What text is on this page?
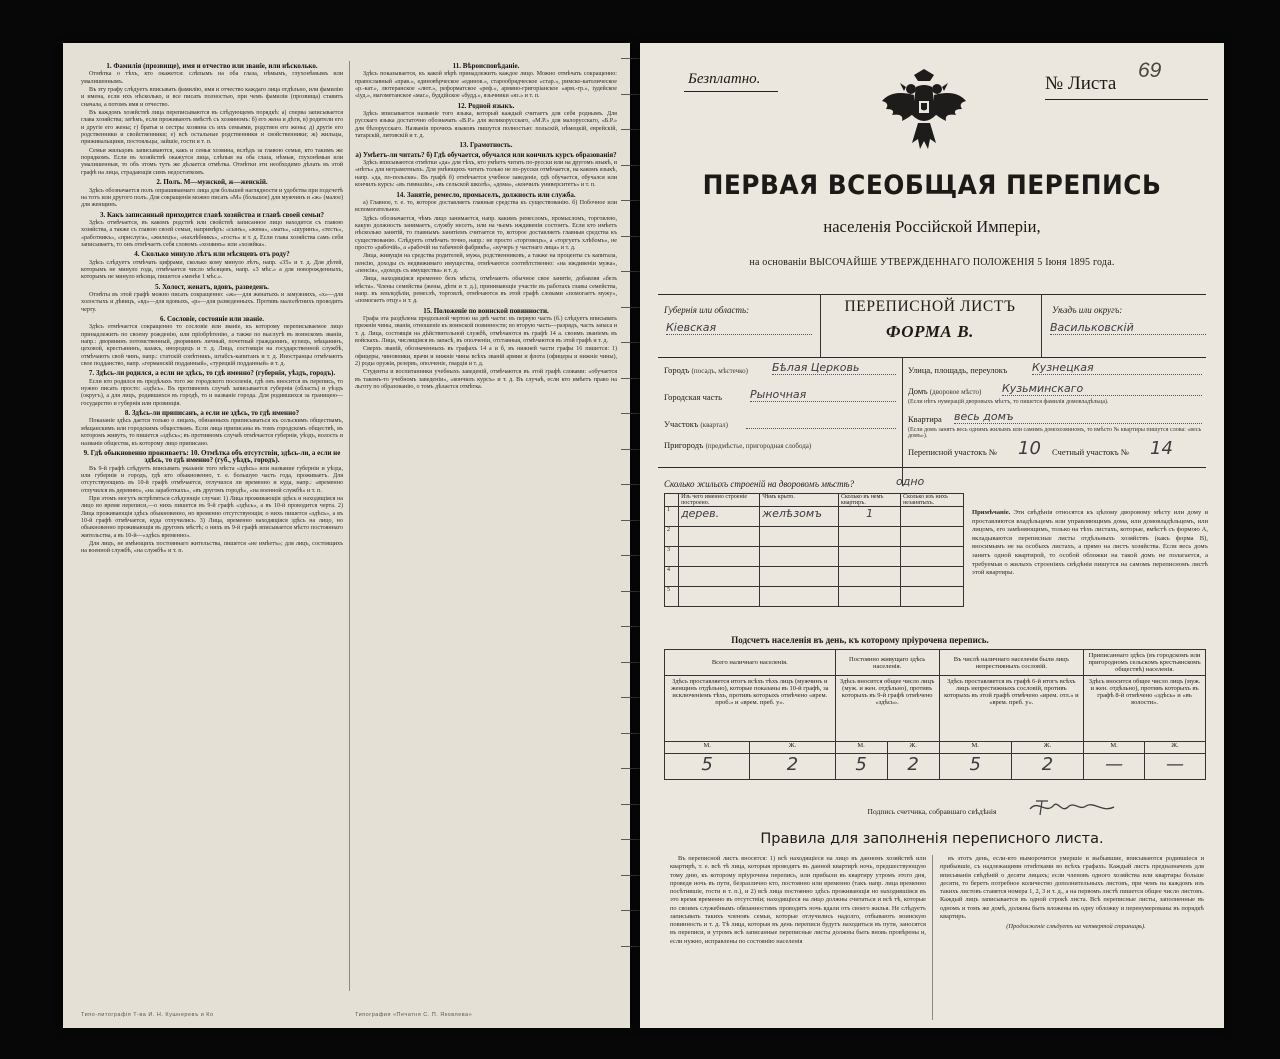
1. Фамилія (прозвище), имя и отчество или званіе, или нѣсколько.

Отмѣтка о тѣхъ, кто окажется: слѣпымъ на оба глаза, нѣмымъ, глухонѣмымъ или умалишеннымъ.

Въ эту графу слѣдуетъ вписывать фамилію, имя и отчество каждаго лица отдѣльно, или фамилію и имена, если ихъ нѣсколько, и все писать полностью, при чемъ фамиліи (прозвища) ставить сначала, а потомъ имя и отчество.

Въ каждомъ хозяйствѣ лица переписываются въ слѣдующемъ порядкѣ: а) сперва записывается глава хозяйства; затѣмъ, если проживаютъ вмѣстѣ съ хозяиномъ: б) его жена и дѣти, в) родители его и другіе его жены; г) братья и сестры хозяина съ ихъ семьями, родствен его жены; д) другіе его родственники и свойственники; е) всѣ остальные родственники и свойственники; ж) жильцы, приживальщики, постояльцы, зайшіе, гости и т. п.

Семьи жильцовъ записываются, какъ и семья хозяина, вслѣдъ за главою семьи, кто такимъ же порядкомъ. Если въ хозяйствѣ окажутся лица, слѣпыя на оба глаза, нѣмыя, глухонѣмыя или умалишенныя, то объ этомъ тутъ же дѣлается отмѣтка. Отмѣтки эти необходимо дѣлать въ этой графѣ на лица, страдающія симъ недостаткомъ.

2. Полъ. М—мужской, ж—женскій.

Здѣсь обозначается полъ опрашиваемаго лица для большей наглядности и удобства при подсчетѣ на тотъ или другого полъ. Для сокращенія можно писать «М» (большое) для мужчинъ и «ж» (малое) для женщинъ.

3. Какъ записанный приходится главѣ хозяйства и главѣ своей семьи?

Здѣсь отмѣчается, въ какомъ родствѣ или свойствѣ записанное лицо находится съ главою хозяйства, а также съ главою своей семьи, напримѣръ: «сынъ», «жена», «мать», «шуринъ», «тесть», «работникъ», «прислуга», «жилецъ», «нахлѣбникъ», «гость» и т. д. Если глава хозяйства самъ себя записываетъ, то онъ отмѣчаетъ себя словомъ «хозяинъ» или «хозяйка».

4. Сколько минуло лѣтъ или мѣсяцевъ отъ роду?

Здѣсь слѣдуетъ отмѣчать цифрами, сколько кому минуло лѣтъ, напр. «35» и т. д. Для дѣтей, которымъ не минуло года, отмѣчается число мѣсяцевъ, напр. «3 мѣс.» а для новорожденныхъ, которымъ не минуло мѣсяца, пишется «менѣе 1 мѣс.».

5. Холост, женатъ, вдовъ, разведенъ.

Отмѣты въ этой графѣ можно писать сокращенно: «ж»—для женатыхъ и замужнихъ, «х»—для холостыхъ и дѣвицъ, «вд»—для вдовыхъ, «р»—для разведенныхъ. Противъ малолѣтнихъ проводить черту.

6. Сословіе, состояніе или званіе.

Здѣсь отмѣчается сокращенно то сословіе или званіе, къ которому переписываемое лицо принадлежитъ по своему рожденію, или пріобрѣтенію, а также по выслугѣ въ воинскомъ званіи, напр.: дворянинъ потомственный, дворянинъ личный, почетный гражданинъ, купецъ, мѣщанинъ, цеховой, крестьянинъ, казакъ, инородецъ и т. д. Лица, состоящія на государственной службѣ, отмѣчаютъ свой чинъ, напр.: статскій совѣтникъ, штабсъ-капитанъ и т. д. Иностранцы отмѣчаютъ свое подданство, напр. «германскій подданный», «турецкій подданный» и т. д.

7. Здѣсь-ли родился, а если не здѣсь, то гдѣ именно? (губернія, уѣздъ, городъ).

Если кто родился въ предѣлахъ того же городского поселенія, гдѣ онъ вносится въ перепись, то нужно писать просто: «здѣсь». Въ противномъ случаѣ записывается губернія (область) и уѣздъ (округъ), а для лицъ, родившихся въ городѣ, то и названіе города. Для родившихся за границею—государство и губернія или провинція.

8. Здѣсь-ли приписанъ, а если не здѣсь, то гдѣ именно?

Показаніе здѣсь дается только о лицахъ, обязанныхъ приписываться къ сельскимъ обществамъ, мѣщанскимъ или городскимъ обществамъ. Если лица приписаны въ томъ городскомъ обществѣ, въ которомъ живутъ, то пишется «здѣсь»; въ противномъ случаѣ отмѣчается губернія, уѣздъ, волость и названіе общества, къ которому лицо приписано.

9. Гдѣ обыкновенно проживаетъ: 10. Отмѣтка объ отсутствіи, здѣсь-ли, а если не здѣсь, то гдѣ именно? (губ., уѣздъ, городъ).

Въ 9-й графѣ слѣдуетъ вписывать указаніе того мѣста «здѣсь» или название губерніи и уѣзда, или губернія и городъ, гдѣ кто обыкновенно, т. е. большую часть года, проживаетъ. Для отсутствующихъ въ 10-й графѣ отмѣчается, отлучился ли временно и куда, напр.: «временно отлучился въ деревню», «на заработкахъ», «въ другомъ городѣ», «на военной службѣ» и т. п.

При этомъ могутъ встрѣтиться слѣдующіе случаи: 1) Лица проживающія здѣсь и находящіяся на лицо во время переписи,—о нихъ пишется въ 9-й графѣ «здѣсь», а въ 10-й проводится черта. 2) Лица проживающія здѣсь обыкновенно, но временно отсутствующія; о нихъ пишется «здѣсь», а въ 10-й графѣ отмѣчается, куда отлучились. 3) Лица, временно находящіяся здѣсь на лицо, но обыкновенно проживающія въ другомъ мѣстѣ; о нихъ въ 9-й графѣ вписывается мѣсто постояннаго жительства, а въ 10-й—«здѣсь временно».

Для лицъ, не имѣющихъ постояннаго жительства, пишется «не имѣетъ»; для лицъ, состоящихъ на военной службѣ, «на службѣ» и т. п.

11. Вѣроисповѣданіе.

Здѣсь показывается, къ какой вѣрѣ принадлежитъ каждое лицо. Можно отмѣчать сокращенно: православный «прав.», единовѣрческое «единов.», старообрядческое «стар.», римско-католическое «р.-кат.», лютеранское «лют.», реформатское «реф.», армяно-григоріанское «арм.-гр.», іудейское «іуд.», магометанское «маг.», буддійское «будд.», язычники «яз.» и т. п.

12. Родной языкъ.

Здѣсь вписывается названіе того языка, который каждый считаетъ для себя роднымъ. Для русскаго языка достаточно обозначать «В.Р.» для великорусскаго, «М.Р.» для малорусскаго, «Б.Р.» для бѣлорусскаго. Названія прочихъ языковъ пишутся полностью: польскій, нѣмецкій, еврейскій, татарскій, литовскій и т. д.

13. Грамотность.
а) Умѣетъ-ли читать? б) Гдѣ обучается, обучался или кончилъ курсъ образованія?

Здѣсь вписываются отмѣтки «да» для тѣхъ, кто умѣетъ читать по-русски или на другомъ языкѣ, и «нѣтъ» для неграмотныхъ. Для умѣющихъ читать только не по-русски отмѣчается, на какомъ языкѣ, напр. «да, по-польски». Въ графѣ б) отмѣчается учебное заведеніе, гдѣ обучается, обучался или кончилъ курсъ: «въ гимназіи», «въ сельской школѣ», «дома», «кончилъ университетъ» и т. п.

14. Занятіе, ремесло, промыселъ, должность или служба.

а) Главное, т. е. то, которое доставляетъ главныя средства къ существованію. б) Побочное или вспомогательное.

Здѣсь обозначается, чѣмъ лицо занимается, напр. какимъ ремесломъ, промысломъ, торговлею, какую должность занимаетъ, службу несетъ, или на чьемъ иждивеніи состоитъ. Если кто имѣетъ нѣсколько занятій, то главнымъ занятіемъ считается то, которое доставляетъ главныя средства къ существованію. Слѣдуетъ отмѣчать точно, напр.: не просто «торговецъ», а «торгуетъ хлѣбомъ», не просто «рабочій», а «рабочій на табачной фабрикѣ», «кучеръ у частнаго лица» и т. д.

Лица, живущія на средства родителей, мужа, родственниковъ, а также на проценты съ капитала, пенсію, доходы съ недвижимаго имущества, отмѣчаются соотвѣтственно: «на иждивеніи мужа», «пенсія», «доходъ съ имущества» и т. д.

Лица, находящіяся временно безъ мѣста, отмѣчаютъ обычное свое занятіе, добавляя «безъ мѣста». Члены семейства (жены, дѣти и т. д.), принимающіе участіе въ работахъ главы семейства, напр. въ земледѣліи, ремеслѣ, торговлѣ, отмѣчаются въ этой графѣ словами «помогаетъ мужу», «помогаетъ отцу» и т. д.

15. Положеніе по воинской повинности.

Графа эта раздѣлена продольной чертою на двѣ части: въ первую часть (б.) слѣдуетъ вписывать прежнія чины, званія, отношеніе къ воинской повинности; во вторую часть—разрядъ, часть запаса и т. д. Лица, состоящія на дѣйствительной службѣ, отмѣчаются въ графѣ 14 а. своимъ званіемъ въ войскахъ. Лица, числящіяся въ запасѣ, въ ополченіи, отставныя, отмѣчаются въ этой графѣ и т. д.

Сверхъ званій, обозначенныхъ въ графахъ 14 а и б, въ нижней части графы 16 пишется: 1) офицеры, чиновники, врачи и нижніе чины всѣхъ званій армии и флота (офицеры и нижніе чины), 2) роды оружія, резервъ, ополченіе, гвардія и т. д.

Студенты и воспитанники учебныхъ заведеній, отмѣчаются въ этой графѣ словами: «обучается въ такомъ-то учебномъ заведеніи», «кончилъ курсъ» и т. д. Въ случаѣ, если кто имѣетъ право на льготу по образованію, о томъ дѣлается отмѣтка.

Типо-литографія Т-ва И. Н. Кушнеревъ и Ко	Типография «Печатня С. П. Яковлева»
Безплатно.	№ Листа
69
ПЕРВАЯ ВСЕОБЩАЯ ПЕРЕПИСЬ
населенія Россійской Имперіи,
на основаніи ВЫСОЧАЙШЕ УТВЕРЖДЕННАГО ПОЛОЖЕНІЯ 5 Іюня 1895 года.
ПЕРЕПИСНОЙ ЛИСТЪ
ФОРМА В.
Губернія или область:
Кіевская
Уѣздъ или округъ:
Васильковскій
Городъ (посадъ, мѣстечко) Бѣлая Церковь
Городская часть	Рыночная
Участокъ (квартал)
Пригородъ (предмѣстье, пригородная слобода)
Улица, площадь, переулокъ Кузнецкая
Домъ (дворовое мѣсто) Кузьминскаго
(Если нѣтъ нумерацій дворовыхъ мѣстъ, то пишется фамилія домовладѣльца).
Квартира весь домъ
(Если домъ занятъ весь однимъ жилымъ или самимъ домохозяиномъ, то вмѣсто № квартиры пишутся слова: «весь домъ»).
Переписной участокъ № 10 Счетный участокъ № 14
Сколько жилыхъ строеній на дворовомъ мѣстѣ?	одно
	Изъ чего именно строеніе построено.	Чѣмъ крыто.	Сколько въ немъ квартиръ.	Сколько изъ нихъ незанятыхъ.
1	дерев.	желѣзомъ	1	
2				
3				
4				
5				
Примѣчаніе. Эти свѣдѣнія относятся къ цѣлому дворовому мѣсту или дому и проставляются владѣльцемъ или управляющимъ дома, или домовладѣльцемъ, или лицомъ, его замѣняющимъ, только на тѣхъ листахъ, которые, вмѣстѣ съ формою А, вкладываются переписные листы отдѣльныхъ хозяйствъ (какъ форма В), вносимымъ не на особыхъ листахъ, а прямо на листъ хозяйства. Если весь домъ занятъ одной квартирой, то особой обложки на такой домъ не полагается, а требуемыя о жилыхъ строеніяхъ свѣдѣнія пишутся на самомъ переписномъ листѣ этой квартиры.
Подсчетъ населенія въ день, къ которому пріурочена перепись.
Всего наличнаго населенія.		Постоянно живущаго здѣсь населенія.		Въ числѣ наличнаго населенія были лицъ непрестижныхъ сословій.		Приписаннаго здѣсь (въ городскомъ или пригородномъ сельскомъ крестьянскомъ обществѣ) населенія.	
Здѣсь проставляется итогъ всѣхъ тѣхъ лицъ (мужчинъ и женщинъ отдѣльно), которые показаны въ 10-й графѣ, за исключеніемъ тѣхъ, противъ которыхъ отмѣчено «врем. проб.» и «врем. преб. у».		Здѣсь вносится общее число лицъ (муж. и жен. отдѣльно), противъ которыхъ въ 9-й графѣ отмѣчено «здѣсь».		Здѣсь проставляется въ графѣ 6-й итогъ всѣхъ лицъ непрестижныхъ сословій, противъ которыхъ въ этой графѣ отмѣчено «врем. отл.» и «врем. преб. у».		Здѣсь вносится общее число лицъ (муж. и жен. отдѣльно), противъ которыхъ въ графѣ 8-й отмѣчено «здѣсь» и «въ волости».	
М.	Ж.	М.	Ж.	М.	Ж.	М.	Ж.
5	2	5	2	5	2	—	—
Подпись счетчика, собравшаго свѣдѣнія
Правила для заполненія переписного листа.

Въ переписной листъ вносятся: 1) всѣ находящіеся на лицо въ данномъ хозяйствѣ или квартирѣ, т. е. всѣ тѣ лица, которыя проводятъ въ данной квартирѣ ночь, предшествующую тому дню, къ которому пріурочена перепись, или прибыли въ квартиру утромъ этого дня, проведя ночь въ пути, безразлично кто, постоянно или временно (такъ напр. лица временно посѣтившіе, гости и т. п.), и 2) всѣ лица постоянно здѣсь проживающія но находившіяся въ это время временно въ отсутствіи; находящіеся на лицо должны считаться и всѣ тѣ, которые по своимъ служебнымъ обязанностямъ проводятъ ночь вдали отъ своего жилья. Не слѣдуетъ записывать такихъ членовъ семьи, которые отлучились надолго, отбываютъ воинскую повинность и т. д. Тѣ лица, которыя въ день переписи будутъ находиться въ пути, заносятся въ переписи, и утромъ всѣ записанные переписные листы должны быть вновь провѣрены и, если нужно, исправлены по состоянію населенія

въ этотъ день, если-кто выморочится умершіе и выбывшие, вписываются родившіеся и прибывшіе, съ надлежащими отмѣтками во всѣхъ графахъ. Каждый листъ предназначенъ для вписыванія свѣдѣній о десяти лицахъ; если членовъ одного хозяйства или квартиры больше десяти, то беретъ потребное количество дополнительныхъ листовъ, при чемъ на каждомъ изъ такихъ листовъ ставятся номера 1, 2, 3 и т. д., а на первомъ листѣ пишется общее число листовъ. Каждый лицъ записывается въ одной строкѣ листа. Всѣ переписные листы, заполненные въ одномъ и томъ же домѣ, должны быть вложены въ одну обложку и перенумерованы въ порядкѣ квартиръ.

(Продолженіе слѣдуетъ на четвертой страницѣ).
